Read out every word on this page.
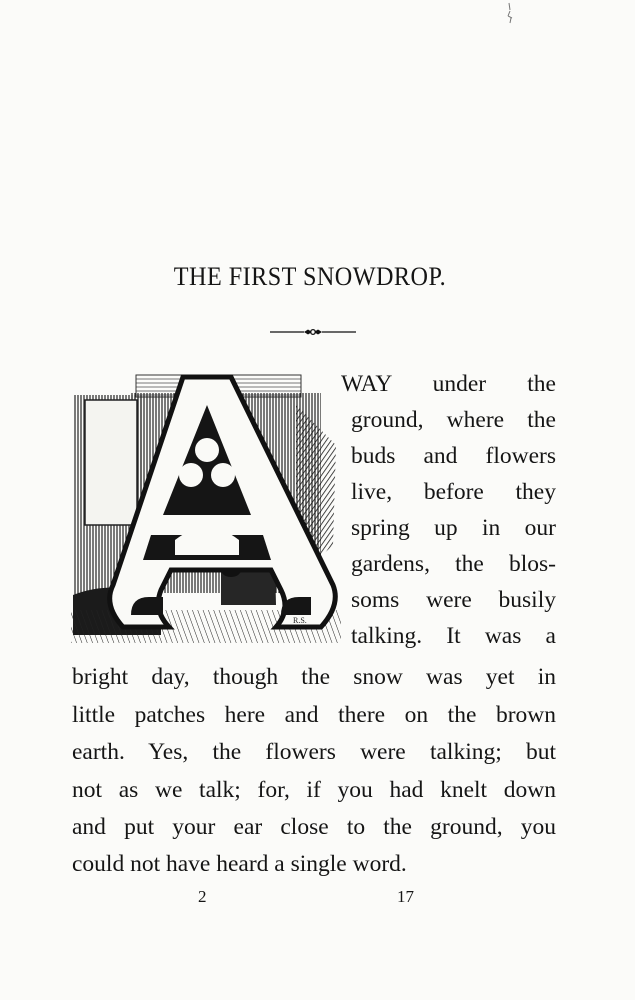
THE FIRST SNOWDROP.
R.S.
WAY under the
ground, where the
buds and flowers
live, before they
spring up in our
gardens, the blos-
soms were busily
talking. It was a
bright day, though the snow was yet in
little patches here and there on the brown
earth. Yes, the flowers were talking; but
not as we talk; for, if you had knelt down
and put your ear close to the ground, you
could not have heard a single word.
2	17
